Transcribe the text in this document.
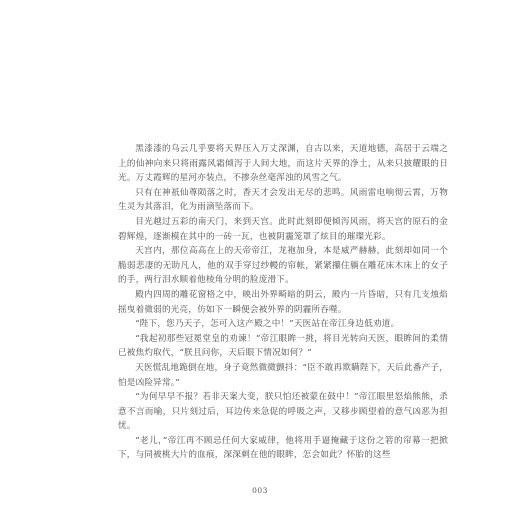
黑漆漆的乌云几乎要将天界压入万丈深渊，自古以来，天道地德，高居于云端之上的仙神向来只将雨露风霜倾泻于人间大地，而这片天界的净土，从来只披耀眼的日光。万丈霞辉的星河亦装点，不掺杂丝毫浑浊的风雪之气。

只有在神祇仙尊陨落之时，香天才会发出无尽的悲鸣。风雨雷电响彻云霄，万物生灵为其落泪，化为雨滴坠落而下。

目光越过五彩的南天门，来到天宫。此时此刻即便倾泻风雨，将天宫的原石的金碧辉煌，逐渐模在其中的一砖一瓦，也被阴霾笼罩了炫目的璀璨光彩。

天宫内，那位高高在上的天帝帝江，龙袍加身，本是威严赫赫，此刻却如同一个脆弱悲凄的无助凡人，他的双手穿过纱幔的帘帐，紧紧攥住躺在雕花床木床上的女子的手，两行泪水顺着他棱角分明的脸庞滑下。

殿内四周的雕花窗格之中，映出外界畸暗的阴云，殿内一片昏暗，只有几支烛焰摇曳着微弱的光亮，仿如下一瞬便会被外界的阴霾所吞噬。

“陛下，您乃天子，怎可入这产殿之中！”天医站在帝江身边低劝道。

“我起初那些冠冕堂皇的劝谏！”帝江眼眸一挑，将目光转向天医，眼眸间的柔情已被焦灼取代，“朕且问你，天后眼下情况如何？”

天医慌乱地跪倒在地，身子竟然微微颤抖：“臣不敢再欺瞒陛下，天后此番产子，怕是凶险异常。”

“为何早早不报？若非天案大变，朕只怕还被蒙在鼓中！”帝江眼里怒焰熊熊，杀意不言而喻，只片刻过后，耳边传来急促的呼吸之声，又移步顾望着的意气凶恶为担忧。

“老儿，”帝江再不顾忌任何大家威律，他将用手逼掩藏于这份之箬的帘幕一把掀下，与同被桃大片的血痕，深深刺在他的眼眸，怎会如此？怀胎的这些

003
